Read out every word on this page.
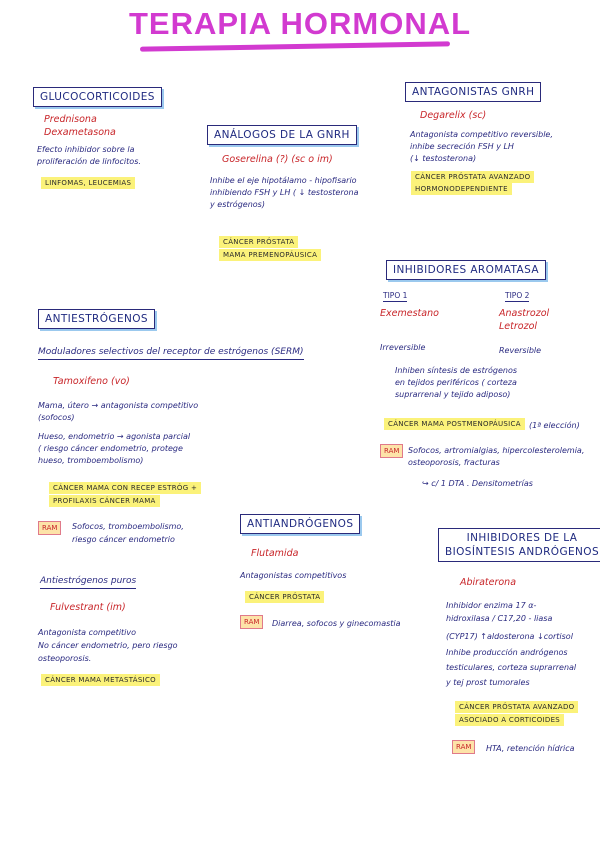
TERAPIA HORMONAL
GLUCOCORTICOIDES
Prednisona
Dexametasona
Efecto inhibidor sobre la
proliferación de linfocitos.
LINFOMAS, LEUCEMIAS
ANÁLOGOS DE LA GNRH
Goserelina (?) (sc o im)
Inhibe el eje hipotálamo - hipofisario
inhibiendo FSH y LH ( ↓ testosterona
y estrógenos)
CÁNCER PRÓSTATA
MAMA PREMENOPÁUSICA
ANTAGONISTAS GNRH
Degarelix (sc)
Antagonista competitivo reversible,
inhibe secreción FSH y LH
(↓ testosterona)
CÁNCER PRÓSTATA AVANZADO
HORMONODEPENDIENTE
INHIBIDORES AROMATASA
TIPO 1	TIPO 2
Exemestano	Anastrozol
Letrozol
Irreversible	Reversible
Inhiben síntesis de estrógenos
en tejidos periféricos ( corteza
suprarrenal y tejido adiposo)
CÁNCER MAMA POSTMENOPÁUSICA	(1ª elección)
RAM	Sofocos, artromialgias, hipercolesterolemia,
osteoporosis, fracturas
↪ c/ 1 DTA . Densitometrías
ANTIESTRÓGENOS
Moduladores selectivos del receptor de estrógenos (SERM)
Tamoxifeno (vo)
Mama, útero → antagonista competitivo
(sofocos)
Hueso, endometrio → agonista parcial
( riesgo cáncer endometrio, protege
hueso, tromboembolismo)
CÁNCER MAMA CON RECEP ESTRÓG +
PROFILAXIS CÁNCER MAMA
RAM	Sofocos, tromboembolismo,
riesgo cáncer endometrio
Antiestrógenos puros
Fulvestrant (im)
Antagonista competitivo
No cáncer endometrio, pero riesgo
osteoporosis.
CÁNCER MAMA METASTÁSICO
ANTIANDRÓGENOS
Flutamida
Antagonistas competitivos
CÁNCER PRÓSTATA
RAM	Diarrea, sofocos y ginecomastia
INHIBIDORES DE LA
BIOSÍNTESIS ANDRÓGENOS
Abiraterona
Inhibidor enzima 17 α-
hidroxilasa / C17,20 - liasa
(CYP17) ↑aldosterona ↓cortisol
Inhibe producción andrógenos
testiculares, corteza suprarrenal
y tej prost tumorales
CÁNCER PRÓSTATA AVANZADO
ASOCIADO A CORTICOIDES
RAM	HTA, retención hídrica
